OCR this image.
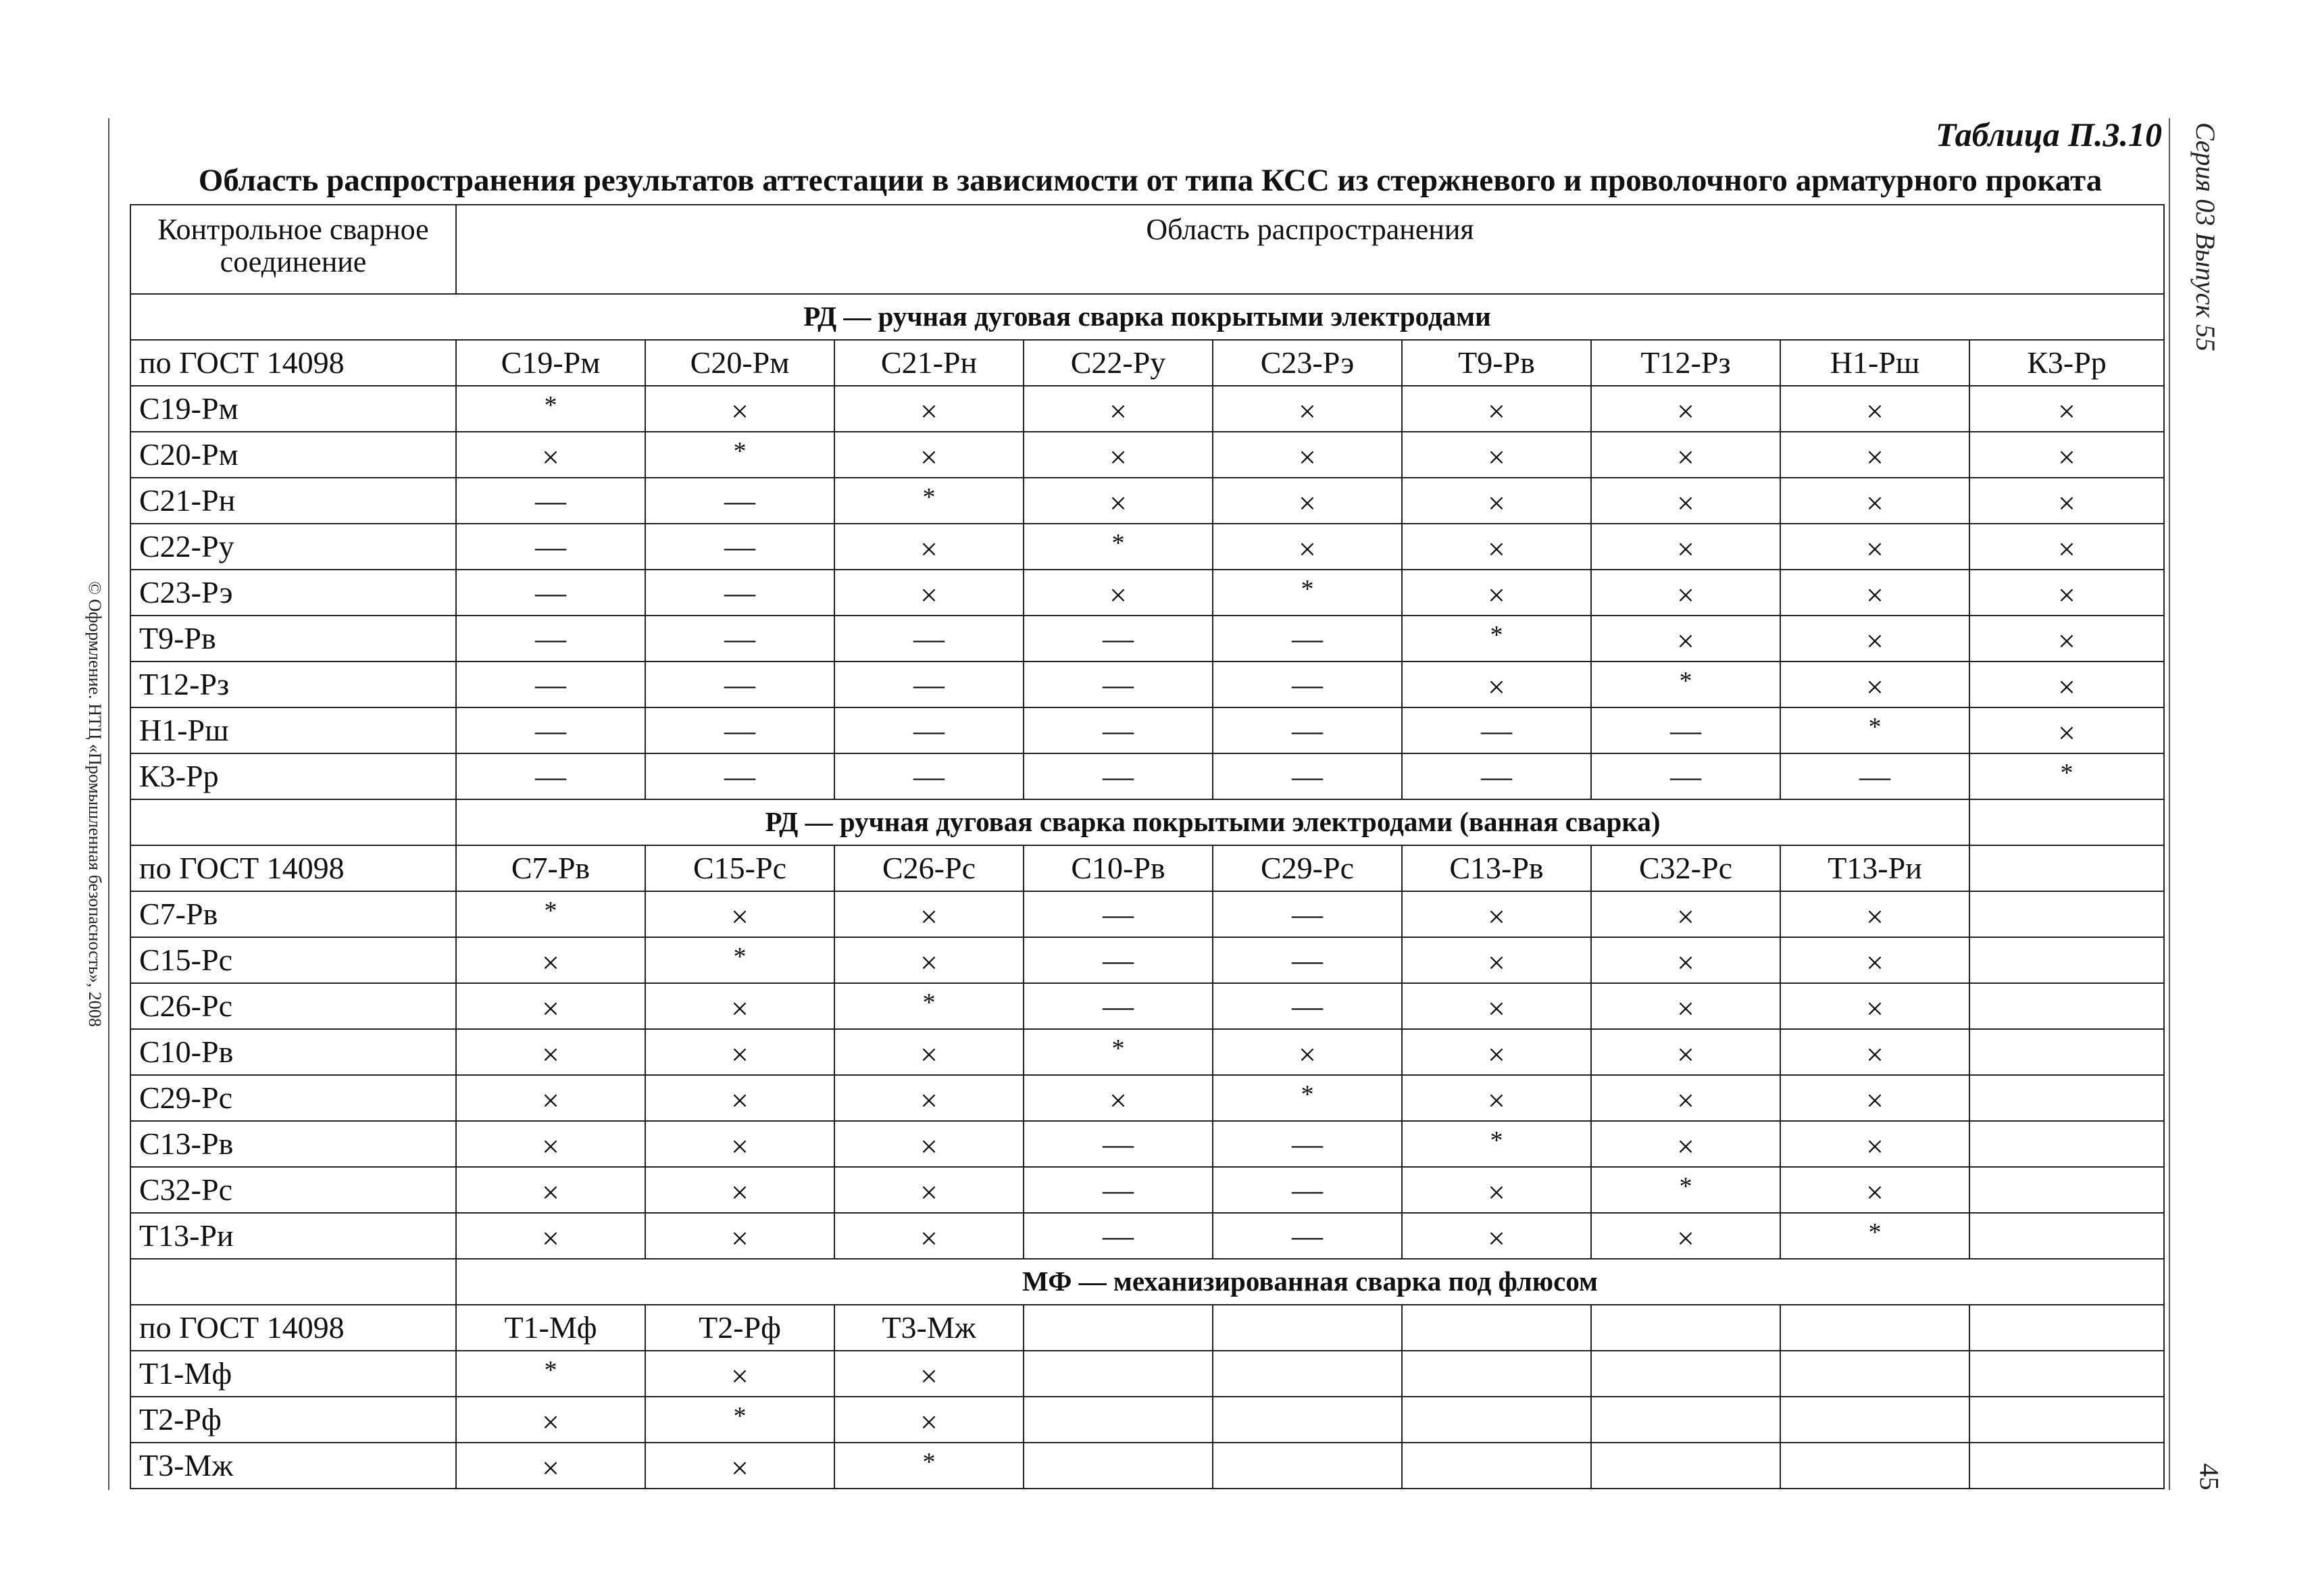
© Оформление. НТЦ «Промышленная безопасность», 2008
Серия 03 Выпуск 55
45
Таблица П.3.10
Область распространения результатов аттестации в зависимости от типа КСС из стержневого и проволочного арматурного проката
Контрольное сварное соединение	Область распространения								
РД — ручная дуговая сварка покрытыми электродами									
по ГОСТ 14098	С19-Рм	С20-Рм	С21-Рн	С22-Ру	С23-Рэ	Т9-Рв	Т12-Рз	Н1-Рш	К3-Рр
С19-Рм	*	×	×	×	×	×	×	×	×
С20-Рм	×	*	×	×	×	×	×	×	×
С21-Рн	—	—	*	×	×	×	×	×	×
С22-Ру	—	—	×	*	×	×	×	×	×
С23-Рэ	—	—	×	×	*	×	×	×	×
Т9-Рв	—	—	—	—	—	*	×	×	×
Т12-Рз	—	—	—	—	—	×	*	×	×
Н1-Рш	—	—	—	—	—	—	—	*	×
К3-Рр	—	—	—	—	—	—	—	—	*
	РД — ручная дуговая сварка покрытыми электродами (ванная сварка)								
по ГОСТ 14098	С7-Рв	С15-Рс	С26-Рс	С10-Рв	С29-Рс	С13-Рв	С32-Рс	Т13-Ри	
С7-Рв	*	×	×	—	—	×	×	×	
С15-Рс	×	*	×	—	—	×	×	×	
С26-Рс	×	×	*	—	—	×	×	×	
С10-Рв	×	×	×	*	×	×	×	×	
С29-Рс	×	×	×	×	*	×	×	×	
С13-Рв	×	×	×	—	—	*	×	×	
С32-Рс	×	×	×	—	—	×	*	×	
Т13-Ри	×	×	×	—	—	×	×	*	
	МФ — механизированная сварка под флюсом								
по ГОСТ 14098	Т1-Мф	Т2-Рф	Т3-Мж						
Т1-Мф	*	×	×						
Т2-Рф	×	*	×						
Т3-Мж	×	×	*						
